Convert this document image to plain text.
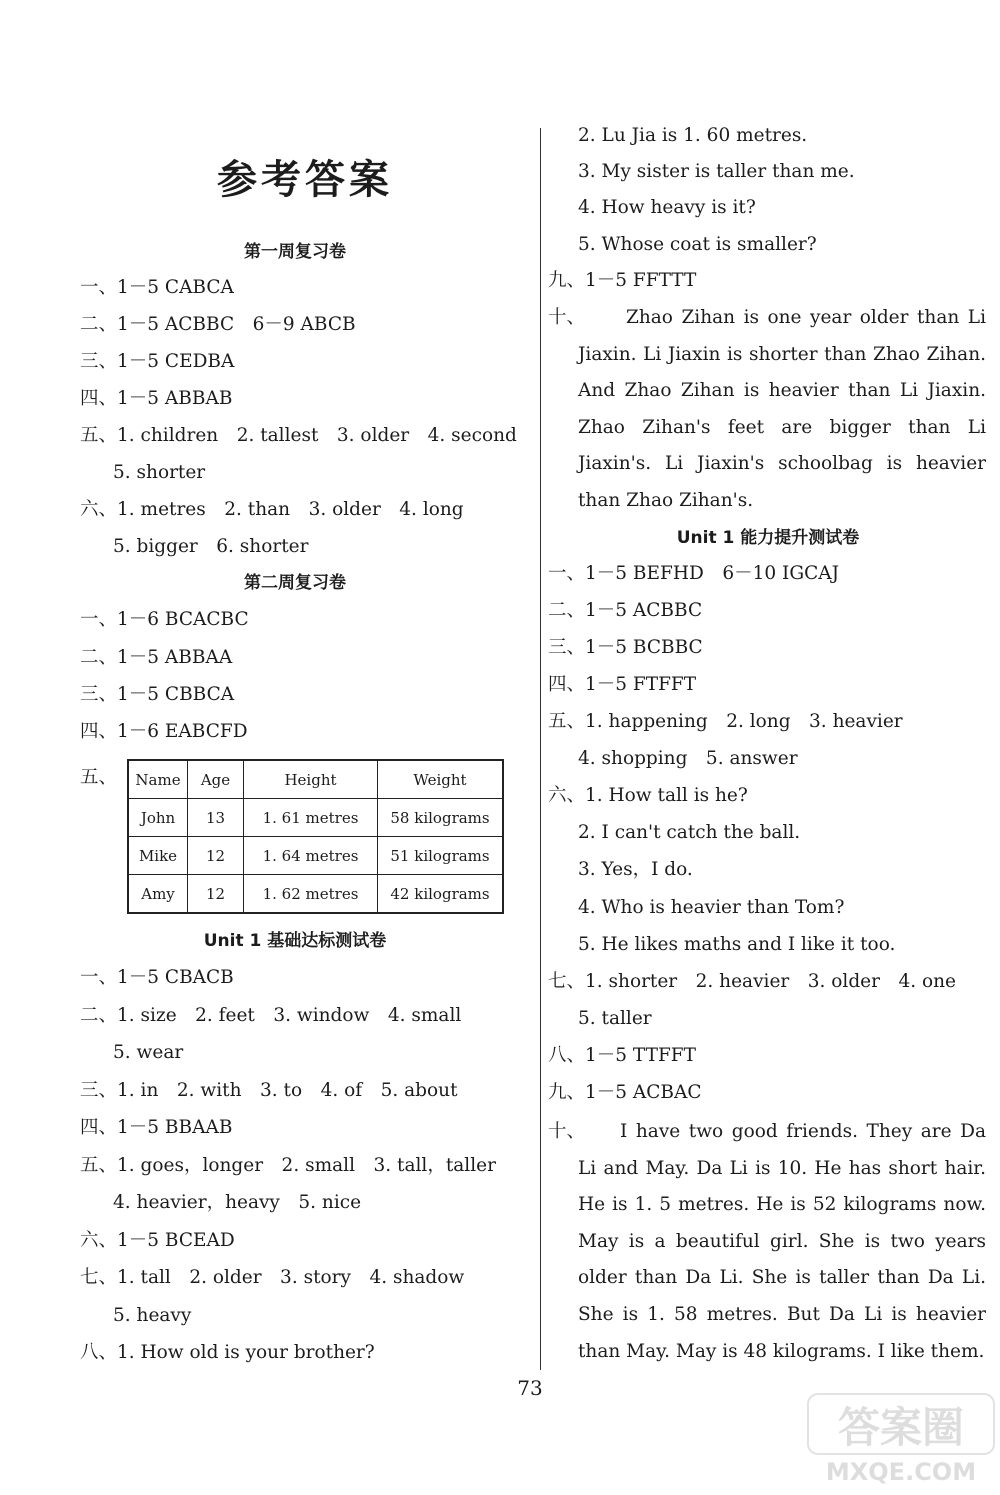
参考答案
第一周复习卷
一、1－5 CABCA
二、1－5 ACBBC　6－9 ABCB
三、1－5 CEDBA
四、1－5 ABBAB
五、1. children　2. tallest　3. older　4. second
5. shorter
六、1. metres　2. than　3. older　4. long
5. bigger　6. shorter
第二周复习卷
一、1－6 BCACBC
二、1－5 ABBAA
三、1－5 CBBCA
四、1－6 EABCFD
五、 Name	Age	Height	Weight
John	13	1. 61 metres	58 kilograms
Mike	12	1. 64 metres	51 kilograms
Amy	12	1. 62 metres	42 kilograms
Unit 1 基础达标测试卷
一、1－5 CBACB
二、1. size　2. feet　3. window　4. small
5. wear
三、1. in　2. with　3. to　4. of　5. about
四、1－5 BBAAB
五、1. goes，longer　2. small　3. tall，taller
4. heavier，heavy　5. nice
六、1－5 BCEAD
七、1. tall　2. older　3. story　4. shadow
5. heavy
八、1. How old is your brother?
2. Lu Jia is 1. 60 metres.
3. My sister is taller than me.
4. How heavy is it?
5. Whose coat is smaller?
九、1－5 FFTTT
十、	Zhao Zihan is one year older than Li Jiaxin. Li Jiaxin is shorter than Zhao Zihan. And Zhao Zihan is heavier than Li Jiaxin. Zhao Zihan's feet are bigger than Li Jiaxin's. Li Jiaxin's schoolbag is heavier than Zhao Zihan's.
Unit 1 能力提升测试卷
一、1－5 BEFHD　6－10 IGCAJ
二、1－5 ACBBC
三、1－5 BCBBC
四、1－5 FTFFT
五、1. happening　2. long　3. heavier
4. shopping　5. answer
六、1. How tall is he?
2. I can't catch the ball.
3. Yes，I do.
4. Who is heavier than Tom?
5. He likes maths and I like it too.
七、1. shorter　2. heavier　3. older　4. one
5. taller
八、1－5 TTFFT
九、1－5 ACBAC
十、	I have two good friends. They are Da Li and May. Da Li is 10. He has short hair. He is 1. 5 metres. He is 52 kilograms now. May is a beautiful girl. She is two years older than Da Li. She is taller than Da Li. She is 1. 58 metres. But Da Li is heavier than May. May is 48 kilograms. I like them.
73
答案圈
MXQE.COM
